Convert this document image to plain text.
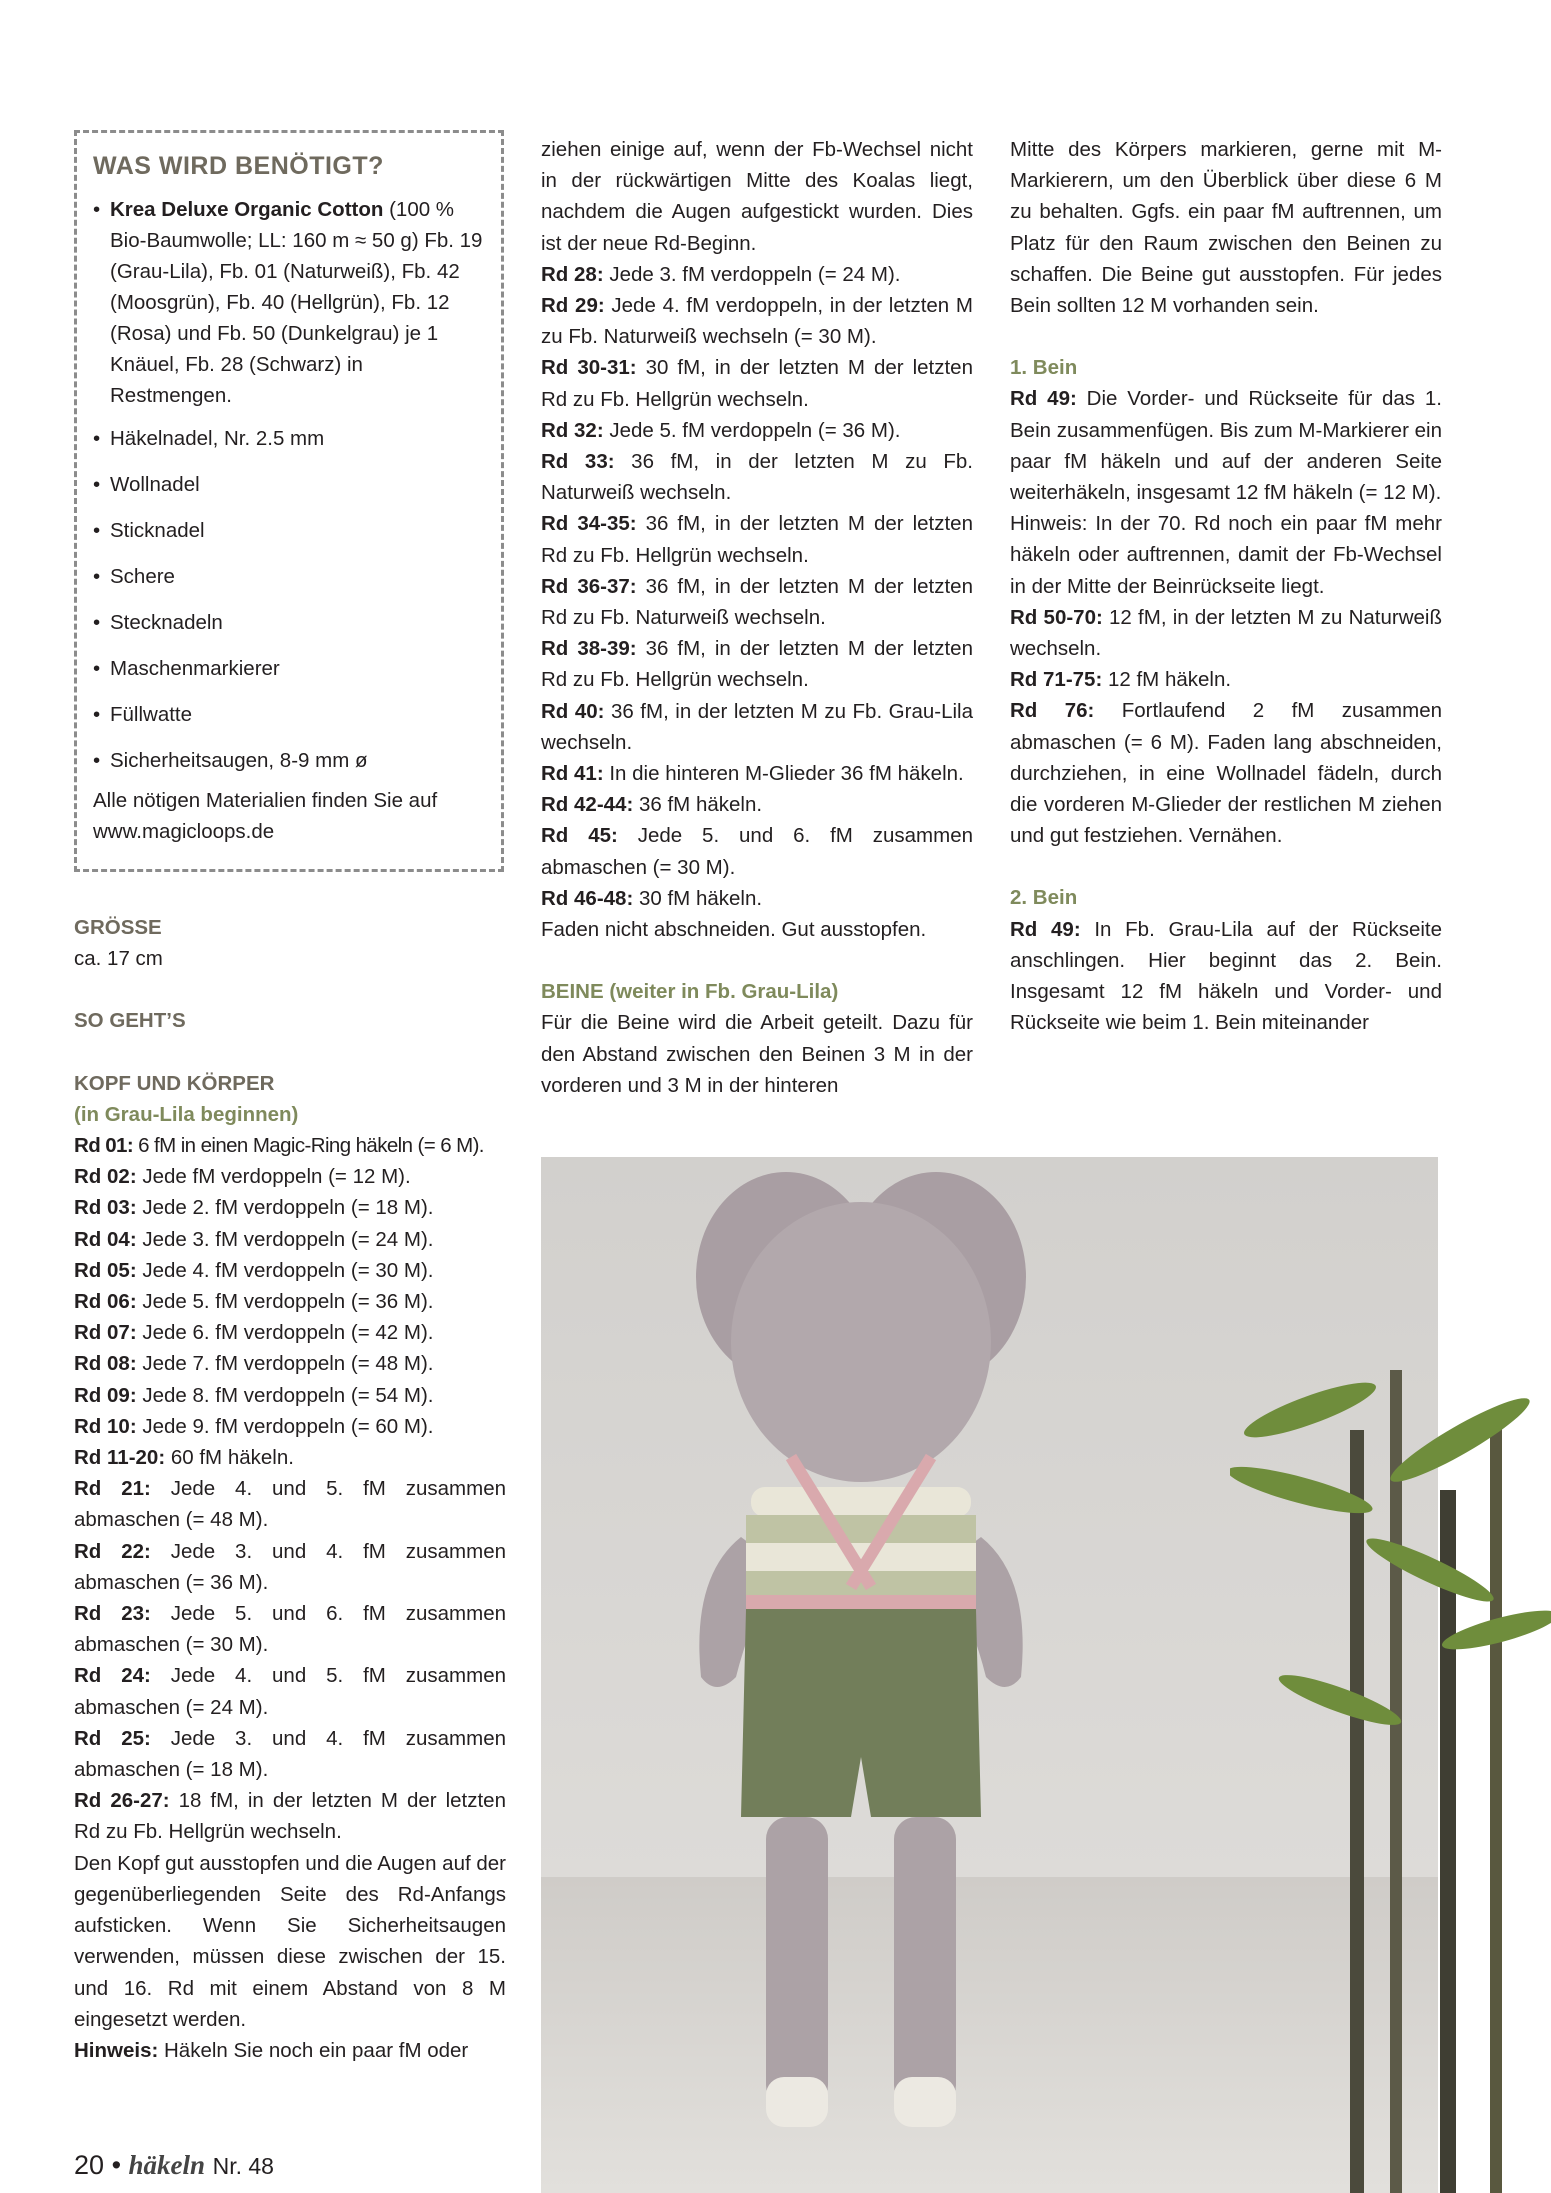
WAS WIRD BENÖTIGT?
• Krea Deluxe Organic Cotton (100 % Bio-Baumwolle; LL: 160 m ≈ 50 g) Fb. 19 (Grau-Lila), Fb. 01 (Naturweiß), Fb. 42 (Moosgrün), Fb. 40 (Hellgrün), Fb. 12 (Rosa) und Fb. 50 (Dunkelgrau) je 1 Knäuel, Fb. 28 (Schwarz) in Restmengen.
• Häkelnadel, Nr. 2.5 mm
• Wollnadel
• Sticknadel
• Schere
• Stecknadeln
• Maschenmarkierer
• Füllwatte
• Sicherheitsaugen, 8-9 mm ø

Alle nötigen Materialien finden Sie auf www.magicloops.de

GRÖSSE

ca. 17 cm

SO GEHT’S

KOPF UND KÖRPER

(in Grau-Lila beginnen)

Rd 01: 6 fM in einen Magic-Ring häkeln (= 6 M).

Rd 02: Jede fM verdoppeln (= 12 M).

Rd 03: Jede 2. fM verdoppeln (= 18 M).

Rd 04: Jede 3. fM verdoppeln (= 24 M).

Rd 05: Jede 4. fM verdoppeln (= 30 M).

Rd 06: Jede 5. fM verdoppeln (= 36 M).

Rd 07: Jede 6. fM verdoppeln (= 42 M).

Rd 08: Jede 7. fM verdoppeln (= 48 M).

Rd 09: Jede 8. fM verdoppeln (= 54 M).

Rd 10: Jede 9. fM verdoppeln (= 60 M).

Rd 11-20: 60 fM häkeln.

Rd 21: Jede 4. und 5. fM zusammen abmaschen (= 48 M).

Rd 22: Jede 3. und 4. fM zusammen abmaschen (= 36 M).

Rd 23: Jede 5. und 6. fM zusammen abmaschen (= 30 M).

Rd 24: Jede 4. und 5. fM zusammen abmaschen (= 24 M).

Rd 25: Jede 3. und 4. fM zusammen abmaschen (= 18 M).

Rd 26-27: 18 fM, in der letzten M der letzten Rd zu Fb. Hellgrün wechseln.

Den Kopf gut ausstopfen und die Augen auf der gegenüberliegenden Seite des Rd-Anfangs aufsticken. Wenn Sie Sicherheitsaugen verwenden, müssen diese zwischen der 15. und 16. Rd mit einem Abstand von 8 M eingesetzt werden.

Hinweis: Häkeln Sie noch ein paar fM oder

ziehen einige auf, wenn der Fb-Wechsel nicht in der rückwärtigen Mitte des Koalas liegt, nachdem die Augen aufgestickt wurden. Dies ist der neue Rd-Beginn.

Rd 28: Jede 3. fM verdoppeln (= 24 M).

Rd 29: Jede 4. fM verdoppeln, in der letzten M zu Fb. Naturweiß wechseln (= 30 M).

Rd 30-31: 30 fM, in der letzten M der letzten Rd zu Fb. Hellgrün wechseln.

Rd 32: Jede 5. fM verdoppeln (= 36 M).

Rd 33: 36 fM, in der letzten M zu Fb. Naturweiß wechseln.

Rd 34-35: 36 fM, in der letzten M der letzten Rd zu Fb. Hellgrün wechseln.

Rd 36-37: 36 fM, in der letzten M der letzten Rd zu Fb. Naturweiß wechseln.

Rd 38-39: 36 fM, in der letzten M der letzten Rd zu Fb. Hellgrün wechseln.

Rd 40: 36 fM, in der letzten M zu Fb. Grau-Lila wechseln.

Rd 41: In die hinteren M-Glieder 36 fM häkeln.

Rd 42-44: 36 fM häkeln.

Rd 45: Jede 5. und 6. fM zusammen abmaschen (= 30 M).

Rd 46-48: 30 fM häkeln.

Faden nicht abschneiden. Gut ausstopfen.

BEINE (weiter in Fb. Grau-Lila)

Für die Beine wird die Arbeit geteilt. Dazu für den Abstand zwischen den Beinen 3 M in der vorderen und 3 M in der hinteren

Mitte des Körpers markieren, gerne mit M-Markierern, um den Überblick über diese 6 M zu behalten. Ggfs. ein paar fM auftrennen, um Platz für den Raum zwischen den Beinen zu schaffen. Die Beine gut ausstopfen. Für jedes Bein sollten 12 M vorhanden sein.

1. Bein

Rd 49: Die Vorder- und Rückseite für das 1. Bein zusammenfügen. Bis zum M-Markierer ein paar fM häkeln und auf der anderen Seite weiterhäkeln, insgesamt 12 fM häkeln (= 12 M).

Hinweis: In der 70. Rd noch ein paar fM mehr häkeln oder auftrennen, damit der Fb-Wechsel in der Mitte der Beinrückseite liegt.

Rd 50-70: 12 fM, in der letzten M zu Naturweiß wechseln.

Rd 71-75: 12 fM häkeln.

Rd 76: Fortlaufend 2 fM zusammen abmaschen (= 6 M). Faden lang abschneiden, durchziehen, in eine Wollnadel fädeln, durch die vorderen M-Glieder der restlichen M ziehen und gut festziehen. Vernähen.

2. Bein

Rd 49: In Fb. Grau-Lila auf der Rückseite anschlingen. Hier beginnt das 2. Bein. Insgesamt 12 fM häkeln und Vorder- und Rückseite wie beim 1. Bein miteinander

20 • häkeln Nr. 48
